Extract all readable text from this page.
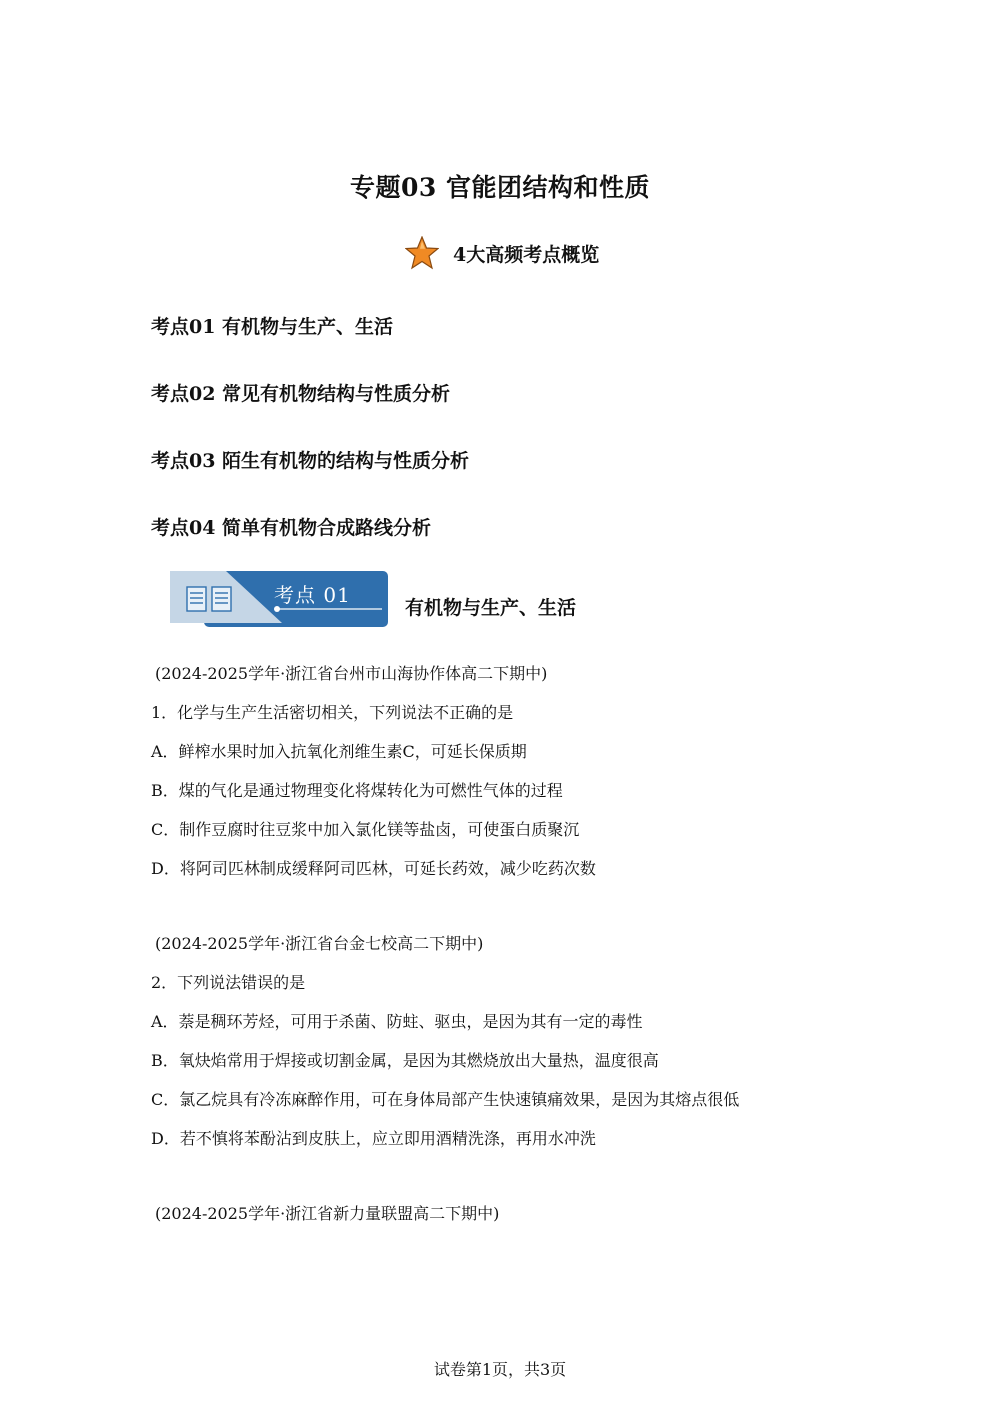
专题03 官能团结构和性质
4大高频考点概览
考点01 有机物与生产、生活
考点02 常见有机物结构与性质分析
考点03 陌生有机物的结构与性质分析
考点04 简单有机物合成路线分析
考点 01
有机物与生产、生活
(2024-2025学年·浙江省台州市山海协作体高二下期中)
1．化学与生产生活密切相关，下列说法不正确的是
A．鲜榨水果时加入抗氧化剂维生素C，可延长保质期
B．煤的气化是通过物理变化将煤转化为可燃性气体的过程
C．制作豆腐时往豆浆中加入氯化镁等盐卤，可使蛋白质聚沉
D．将阿司匹林制成缓释阿司匹林，可延长药效，减少吃药次数
(2024-2025学年·浙江省台金七校高二下期中)
2．下列说法错误的是
A．萘是稠环芳烃，可用于杀菌、防蛀、驱虫，是因为其有一定的毒性
B．氧炔焰常用于焊接或切割金属，是因为其燃烧放出大量热，温度很高
C．氯乙烷具有冷冻麻醉作用，可在身体局部产生快速镇痛效果，是因为其熔点很低
D．若不慎将苯酚沾到皮肤上，应立即用酒精洗涤，再用水冲洗
(2024-2025学年·浙江省新力量联盟高二下期中)
试卷第1页，共3页
